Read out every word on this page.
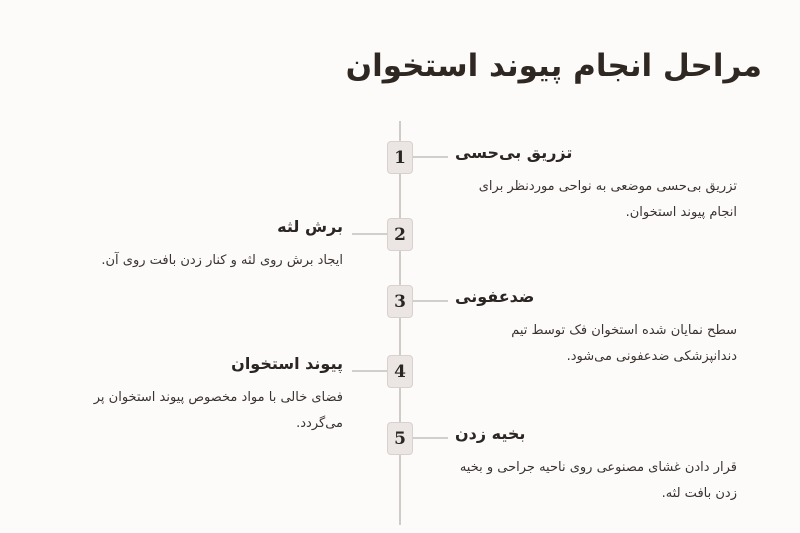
مراحل انجام پیوند استخوان
1	تزریق بی‌حسی
تزریق بی‌حسی موضعی به نواحی موردنظر برای انجام پیوند استخوان.
2
برش لثه
ایجاد برش روی لثه و کنار زدن بافت روی آن.
3	ضدعفونی
سطح نمایان شده استخوان فک توسط تیم دندانپزشکی ضدعفونی می‌شود.
4
پیوند استخوان
فضای خالی با مواد مخصوص پیوند استخوان پر می‌گردد.
5	بخیه زدن
قرار دادن غشای مصنوعی روی ناحیه جراحی و بخیه زدن بافت لثه.
